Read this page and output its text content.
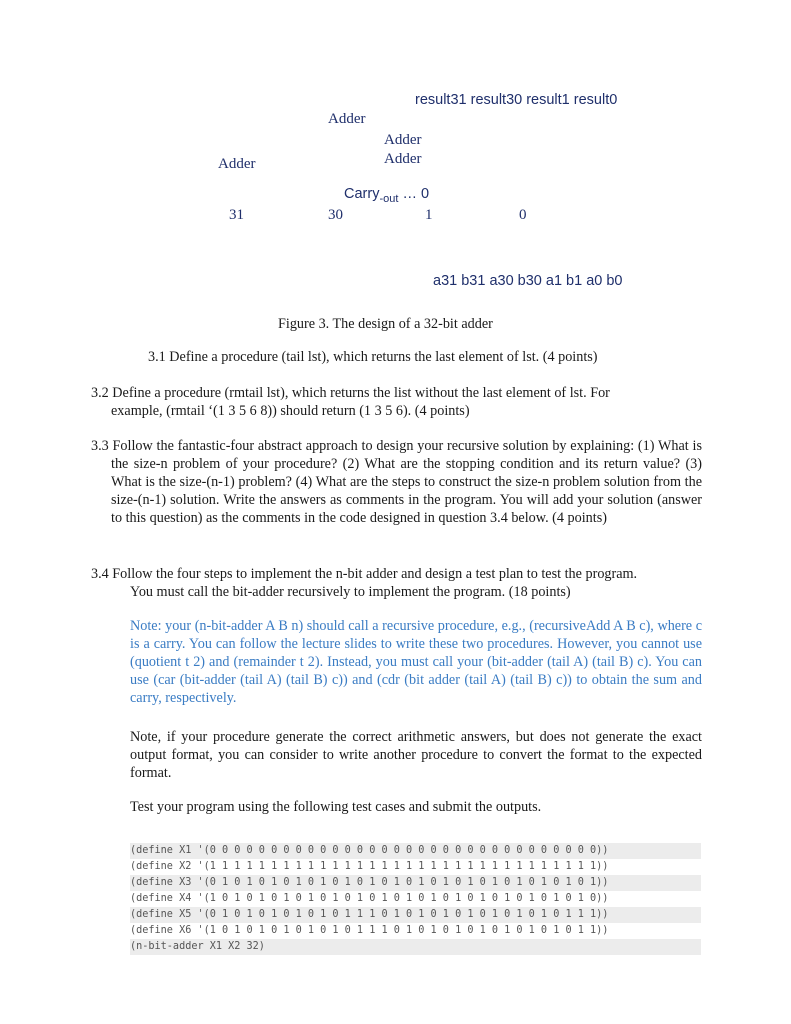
result31 result30 result1 result0
Adder
Adder
Adder
Adder
Carry$_{-out}$ … 0
31	30	1	0
a31 b31 a30 b30 a1 b1 a0 b0
Figure 3. The design of a 32-bit adder
3.1 Define a procedure (tail lst), which returns the last element of lst. (4 points)
3.2 Define a procedure (rmtail lst), which returns the list without the last element of lst. For
example, (rmtail ‘(1 3 5 6 8)) should return (1 3 5 6). (4 points)
3.3 Follow the fantastic-four abstract approach to design your recursive solution by explaining: (1) What is the size-n problem of your procedure? (2) What are the stopping condition and its return value? (3) What is the size-(n-1) problem? (4) What are the steps to construct the size-n problem solution from the size-(n-1) solution. Write the answers as comments in the program. You will add your solution (answer to this question) as the comments in the code designed in question 3.4 below. (4 points)
3.4 Follow the four steps to implement the n-bit adder and design a test plan to test the program.
You must call the bit-adder recursively to implement the program. (18 points)
Note: your (n-bit-adder A B n) should call a recursive procedure, e.g., (recursiveAdd A B c), where c is a carry. You can follow the lecture slides to write these two procedures. However, you cannot use (quotient t 2) and (remainder t 2). Instead, you must call your (bit-adder (tail A) (tail B) c). You can use (car (bit-adder (tail A) (tail B) c)) and (cdr (bit adder (tail A) (tail B) c)) to obtain the sum and carry, respectively.
Note, if your procedure generate the correct arithmetic answers, but does not generate the exact output format, you can consider to write another procedure to convert the format to the expected format.
Test your program using the following test cases and submit the outputs.
(define X1 '(0 0 0 0 0 0 0 0 0 0 0 0 0 0 0 0 0 0 0 0 0 0 0 0 0 0 0 0 0 0 0 0))
(define X2 '(1 1 1 1 1 1 1 1 1 1 1 1 1 1 1 1 1 1 1 1 1 1 1 1 1 1 1 1 1 1 1 1))
(define X3 '(0 1 0 1 0 1 0 1 0 1 0 1 0 1 0 1 0 1 0 1 0 1 0 1 0 1 0 1 0 1 0 1))
(define X4 '(1 0 1 0 1 0 1 0 1 0 1 0 1 0 1 0 1 0 1 0 1 0 1 0 1 0 1 0 1 0 1 0))
(define X5 '(0 1 0 1 0 1 0 1 0 1 0 1 1 1 0 1 0 1 0 1 0 1 0 1 0 1 0 1 0 1 1 1))
(define X6 '(1 0 1 0 1 0 1 0 1 0 1 0 1 1 1 0 1 0 1 0 1 0 1 0 1 0 1 0 1 0 1 1))
(n-bit-adder X1 X2 32)
